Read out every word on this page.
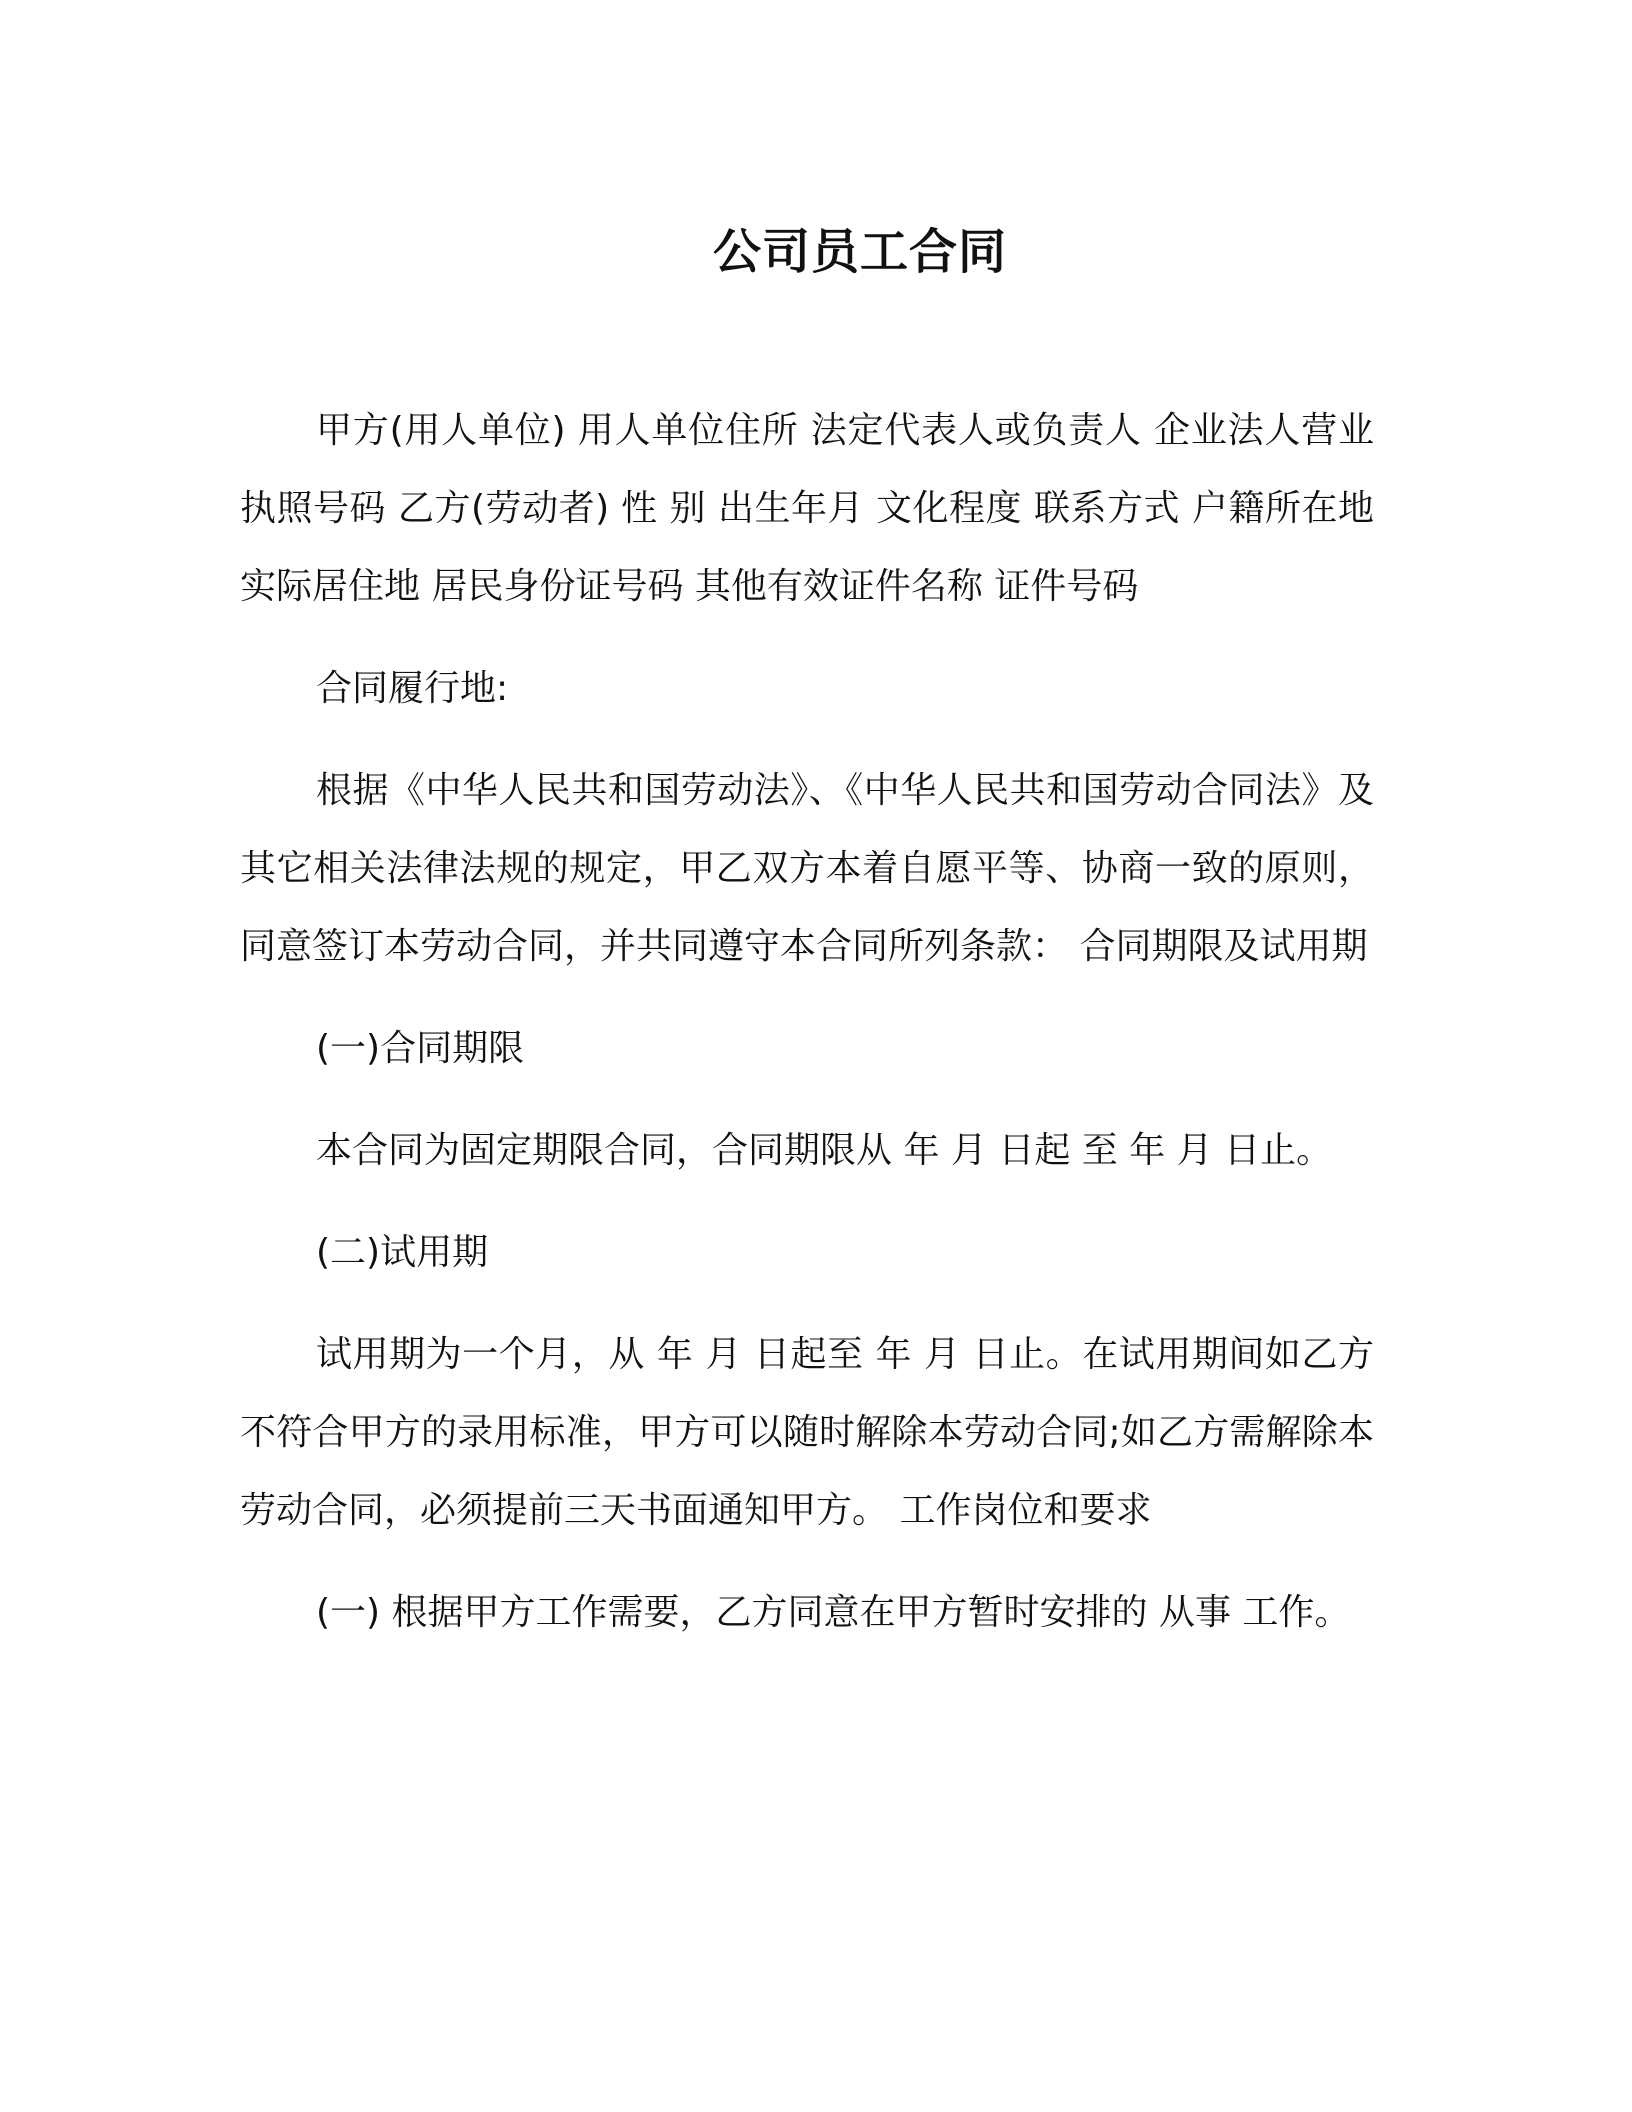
公司员工合同

甲方(用人单位) 用人单位住所 法定代表人或负责人 企业法人营业执照号码 乙方(劳动者) 性 别 出生年月 文化程度 联系方式 户籍所在地 实际居住地 居民身份证号码 其他有效证件名称 证件号码

合同履行地:

根据《中华人民共和国劳动法》、《中华人民共和国劳动合同法》及其它相关法律法规的规定，甲乙双方本着自愿平等、协商一致的原则，同意签订本劳动合同，并共同遵守本合同所列条款： 合同期限及试用期

(一)合同期限

本合同为固定期限合同，合同期限从 年 月 日起 至 年 月 日止。

(二)试用期

试用期为一个月，从 年 月 日起至 年 月 日止。在试用期间如乙方不符合甲方的录用标准，甲方可以随时解除本劳动合同;如乙方需解除本劳动合同，必须提前三天书面通知甲方。 工作岗位和要求

(一) 根据甲方工作需要，乙方同意在甲方暂时安排的 从事 工作。
